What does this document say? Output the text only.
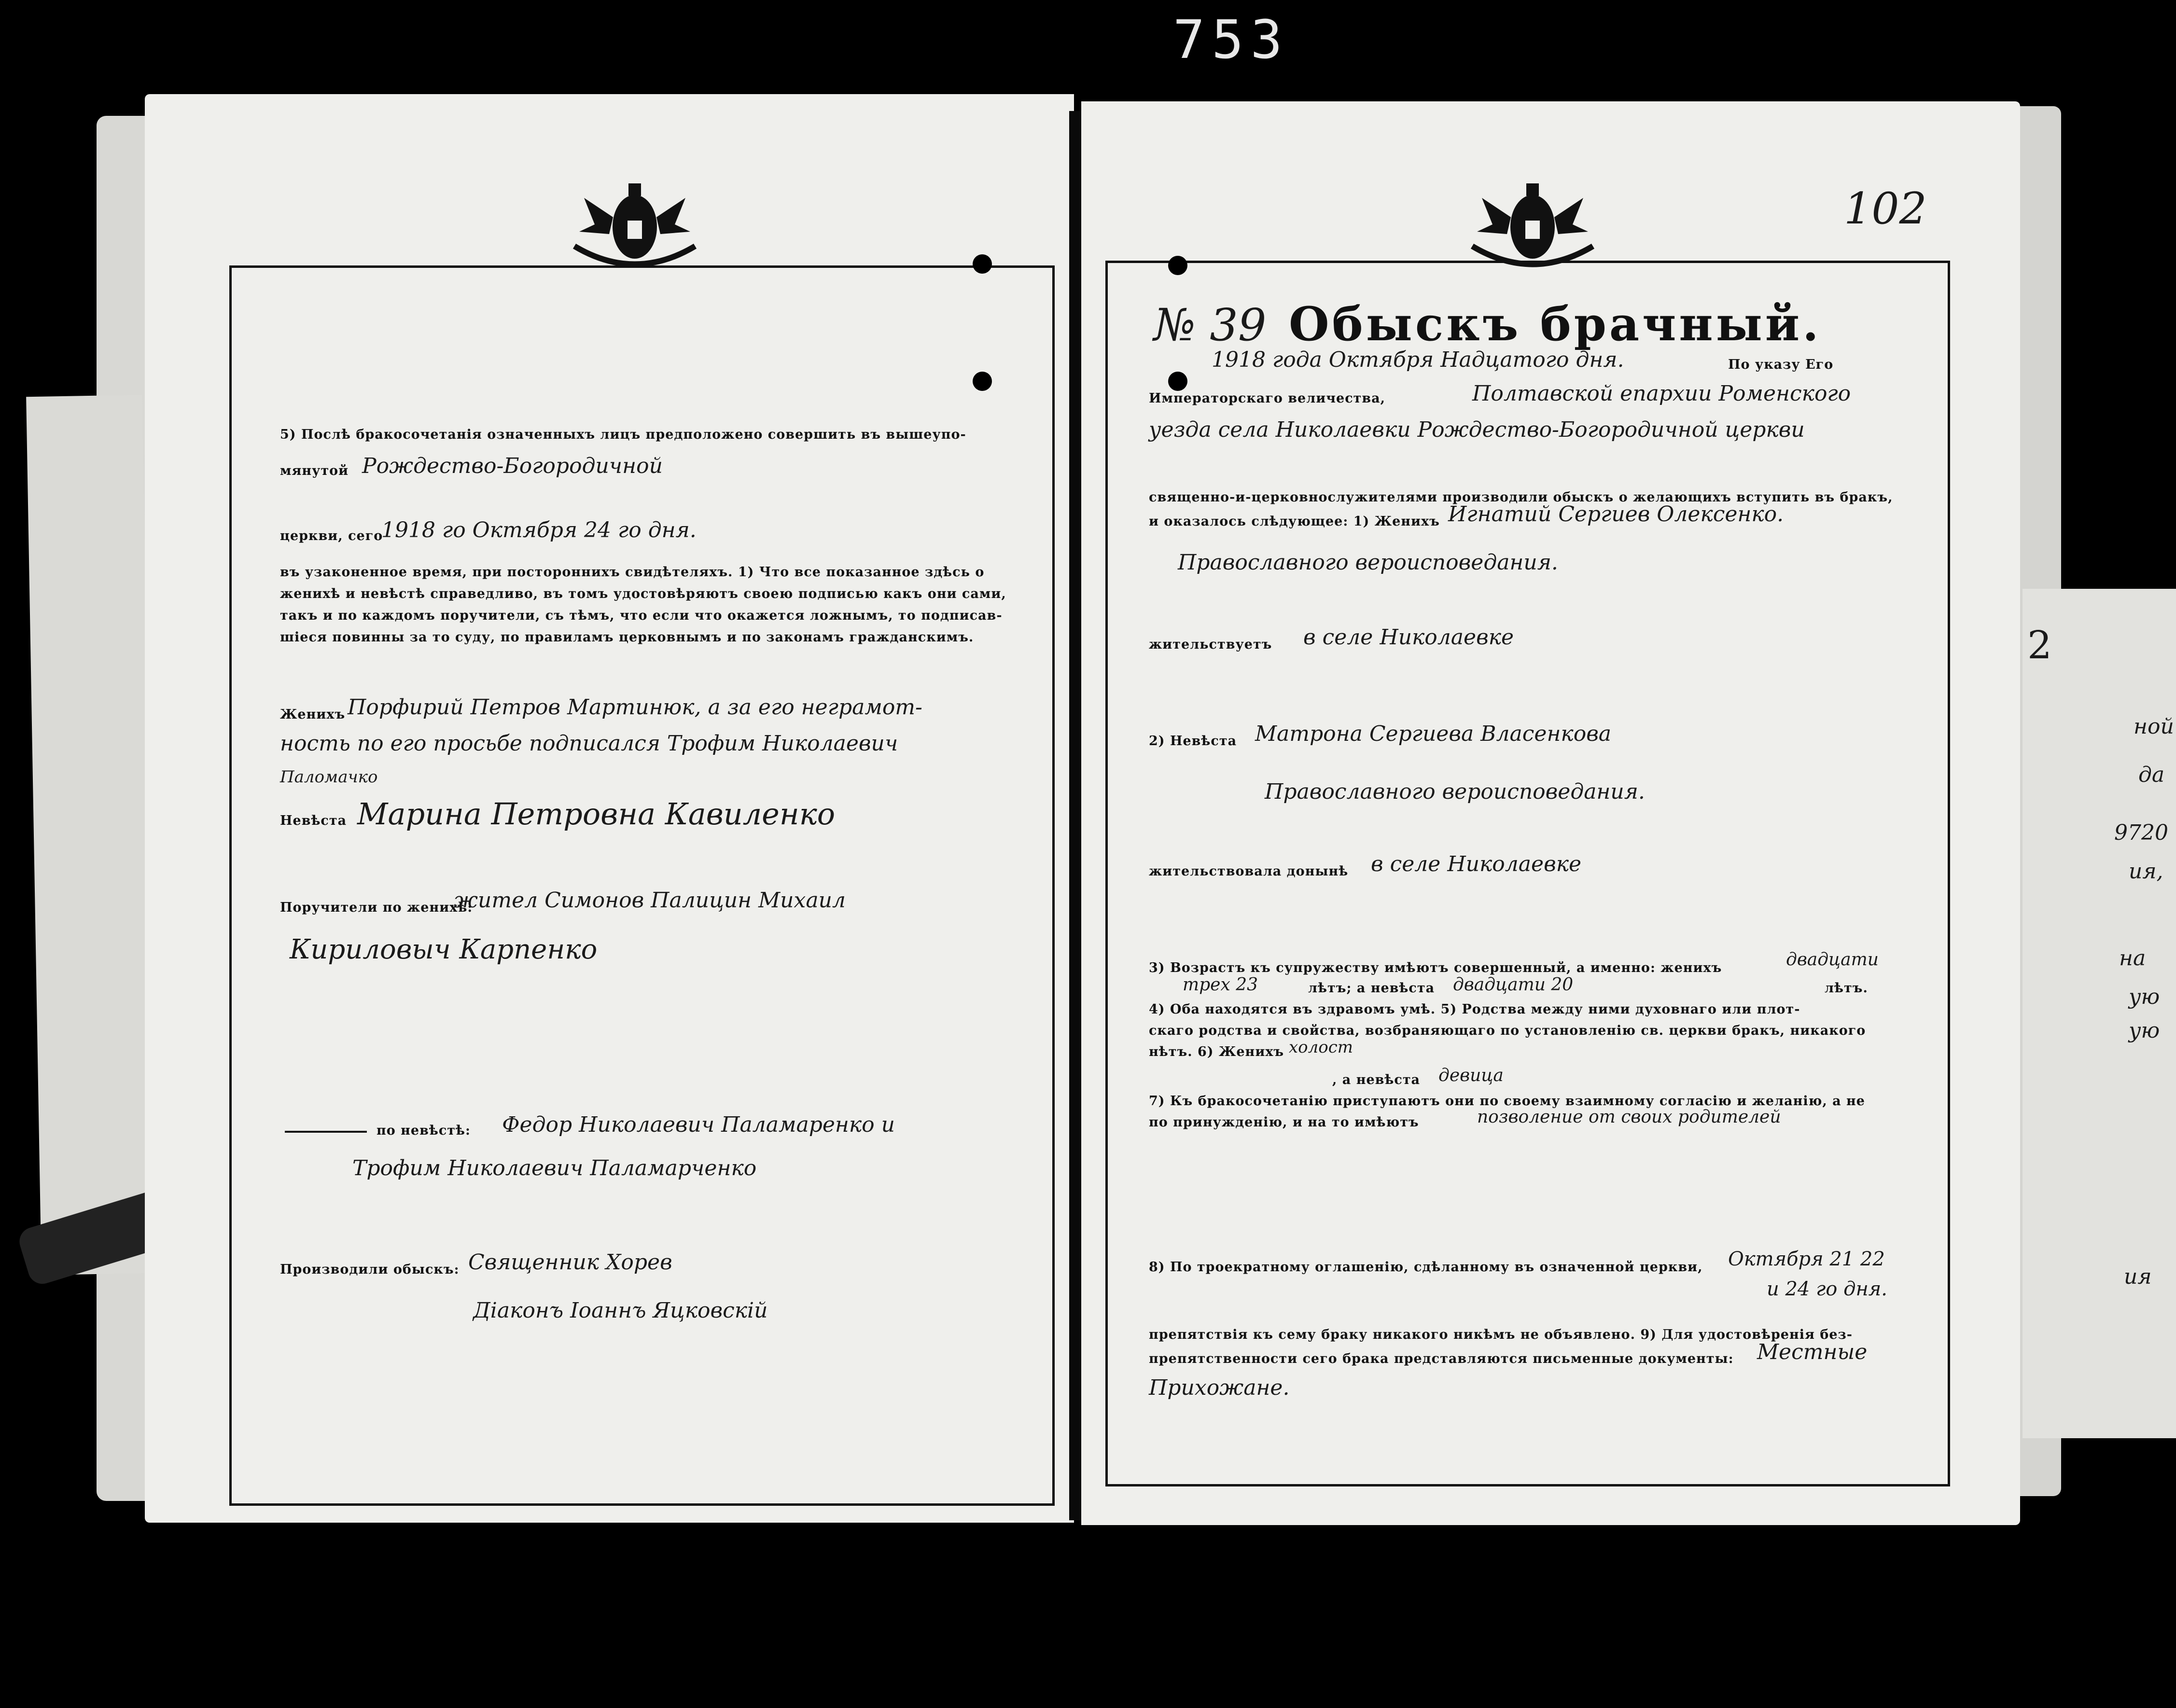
753
2
ной
да
9720
ия,
на
ую
ую
ия
5) Послѣ бракосочетанія означенныхъ лицъ предположено совершить въ вышеупо-
мянутой Рождество-Богородичной
церкви, сего
1918 го Октября 24 го дня.
въ узаконенное время, при постороннихъ свидѣтеляхъ. 1) Что все показанное здѣсь о
женихѣ и невѣстѣ справедливо, въ томъ удостовѣряютъ своею подписью какъ они сами,
такъ и по каждомъ поручители, съ тѣмъ, что если что окажется ложнымъ, то подписав-
шіеся повинны за то суду, по правиламъ церковнымъ и по законамъ гражданскимъ.
Женихъ Порфирий Петров Мартинюк, а за его неграмот-
ность по его просьбе подписался Трофим Николаевич
Паломачко
Невѣста Марина Петровна Кавиленко
Поручители по женихѣ:
жител Симонов Палицин Михаил
Кириловыч Карпенко
по невѣстѣ: Федор Николаевич Паламаренко и
Трофим Николаевич Паламарченко
Производили обыскъ: Священник Хорев
Діаконъ Іоаннъ Яцковскій
102
№ 39 Обыскъ брачный.
1918 года Октября Надцатого дня.	По указу Его
Императорскаго величества,	Полтавской епархии Роменского
уезда села Николаевки Рождество-Богородичной церкви
священно-и-церковнослужителями производили обыскъ о желающихъ вступить въ бракъ,
и оказалось слѣдующее: 1) Женихъ Игнатий Сергиев Олексенко.
Православного вероисповедания.
жительствуетъ в селе Николаевке
2) Невѣста Матрона Сергиева Власенкова
Православного вероисповедания.
жительствовала донынѣ в селе Николаевке
3) Возрастъ къ супружеству имѣютъ совершенный, а именно: женихъ	двадцати
трех 23	лѣтъ; а невѣста двадцати 20	лѣтъ.
4) Оба находятся въ здравомъ умѣ. 5) Родства между ними духовнаго или плот-
скаго родства и свойства, возбраняющаго по установленію св. церкви бракъ, никакого
нѣтъ. 6) Женихъ холост
, а невѣста девица
7) Къ бракосочетанію приступаютъ они по своему взаимному согласію и желанію, а не
по принужденію, и на то имѣютъ	позволение от своих родителей
8) По троекратному оглашенію, сдѣланному въ означенной церкви, Октября 21 22
и 24 го дня.
препятствія къ сему браку никакого никѣмъ не объявлено. 9) Для удостовѣренія без-
препятственности сего брака представляются письменные документы: Местные
Прихожане.
